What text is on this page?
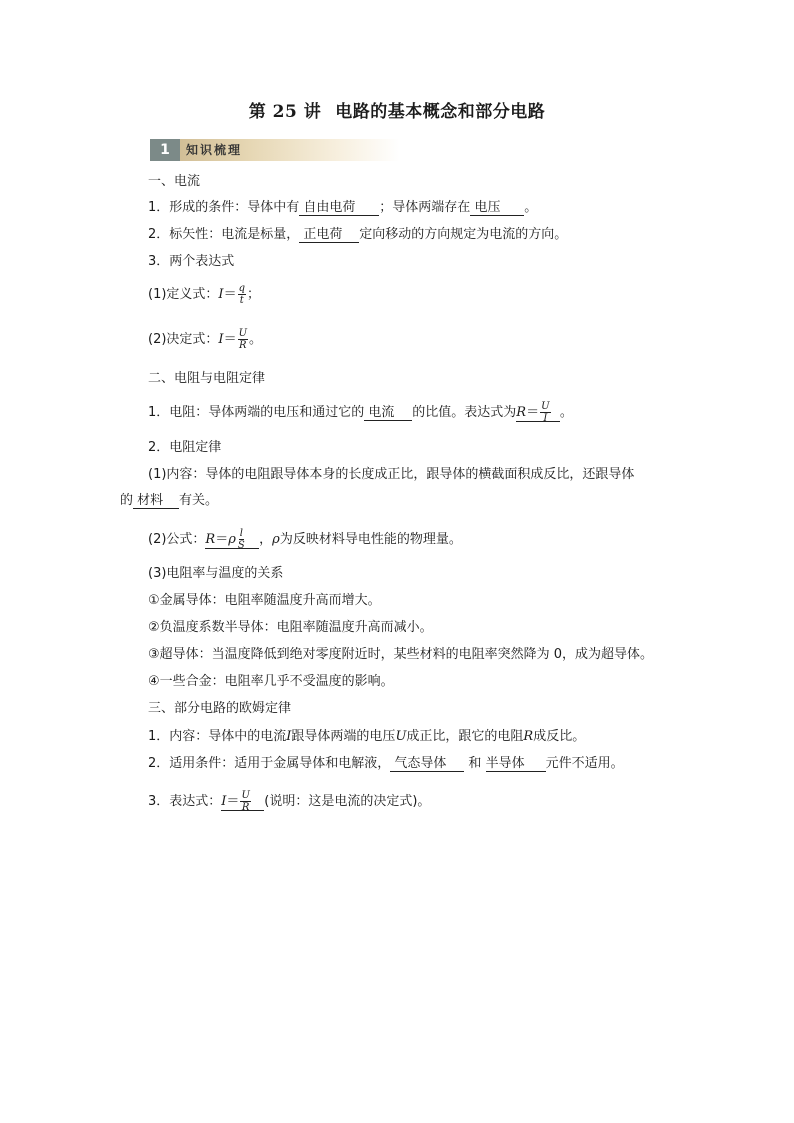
第 25 讲 电路的基本概念和部分电路
1	知识梳理
一、电流
1．形成的条件：导体中有 自由电荷 ；导体两端存在 电压 。
2．标矢性：电流是标量， 正电荷 定向移动的方向规定为电流的方向。
3．两个表达式
(1)定义式：$I= \frac{q}{t}$ ；
(2)决定式：$I= \frac{U}{R}$ 。
二、电阻与电阻定律
1．电阻：导体两端的电压和通过它的 电流 的比值。表达式为$R= \frac{U}{I}$ 。
2．电阻定律
(1)内容：导体的电阻跟导体本身的长度成正比，跟导体的横截面积成反比，还跟导体
的 材料 有关。
(2)公式：$R=\rho \frac{l}{S}$ ，ρ为反映材料导电性能的物理量。
(3)电阻率与温度的关系
①金属导体：电阻率随温度升高而增大。
②负温度系数半导体：电阻率随温度升高而减小。
③超导体：当温度降低到绝对零度附近时，某些材料的电阻率突然降为 0，成为超导体。
④一些合金：电阻率几乎不受温度的影响。
三、部分电路的欧姆定律
1．内容：导体中的电流I跟导体两端的电压U成正比，跟它的电阻R成反比。
2．适用条件：适用于金属导体和电解液， 气态导体 和 半导体 元件不适用。
3．表达式：$I= \frac{U}{R}$ (说明：这是电流的决定式)。
